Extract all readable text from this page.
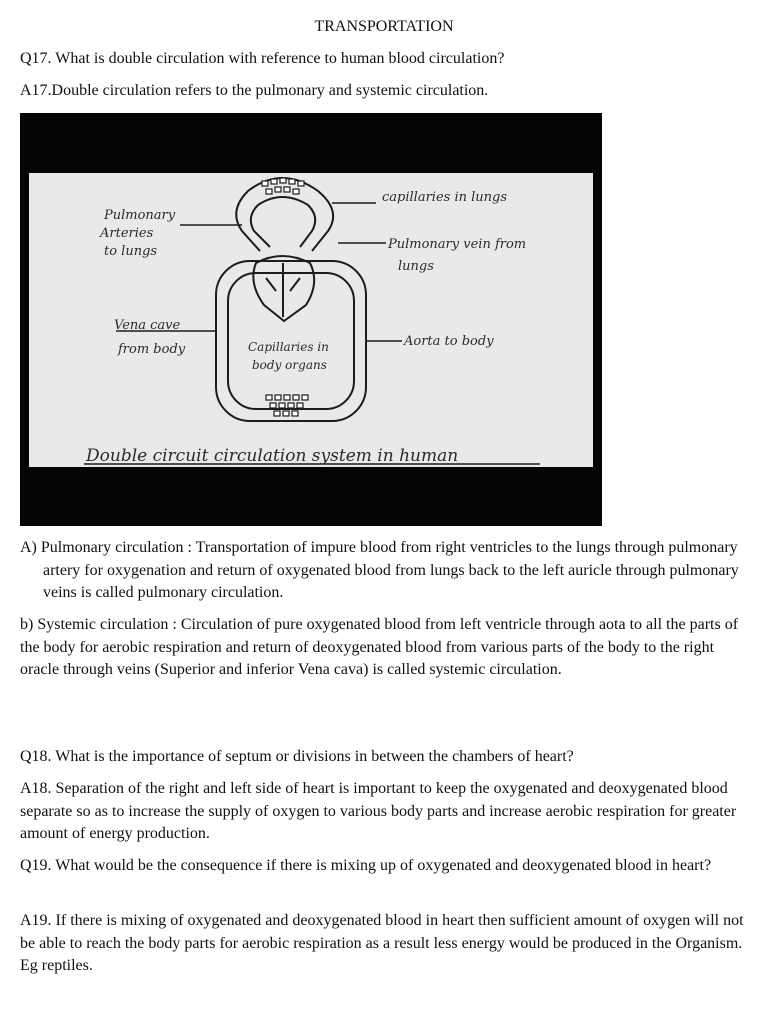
TRANSPORTATION

Q17. What is double circulation with reference to human blood circulation?

A17.Double circulation refers to the pulmonary and systemic circulation.

Pulmonary Arteries to lungs
capillaries in lungs
Pulmonary vein from lungs
Vena cave from body	Capillaries in body organs
Aorta to body
Double circuit circulation system in human

A) Pulmonary circulation : Transportation of impure blood from right ventricles to the lungs through pulmonary artery for oxygenation and return of oxygenated blood from lungs back to the left auricle through pulmonary veins is called pulmonary circulation.

b) Systemic circulation : Circulation of pure oxygenated blood from left ventricle through aota to all the parts of the body for aerobic respiration and return of deoxygenated blood from various parts of the body to the right oracle through veins (Superior and inferior Vena cava) is called systemic circulation.

Q18. What is the importance of septum or divisions in between the chambers of heart?

A18. Separation of the right and left side of heart is important to keep the oxygenated and deoxygenated blood separate so as to increase the supply of oxygen to various body parts and increase aerobic respiration for greater amount of energy production.

Q19. What would be the consequence if there is mixing up of oxygenated and deoxygenated blood in heart?

A19. If there is mixing of oxygenated and deoxygenated blood in heart then sufficient amount of oxygen will not be able to reach the body parts for aerobic respiration as a result less energy would be produced in the Organism. Eg reptiles.
